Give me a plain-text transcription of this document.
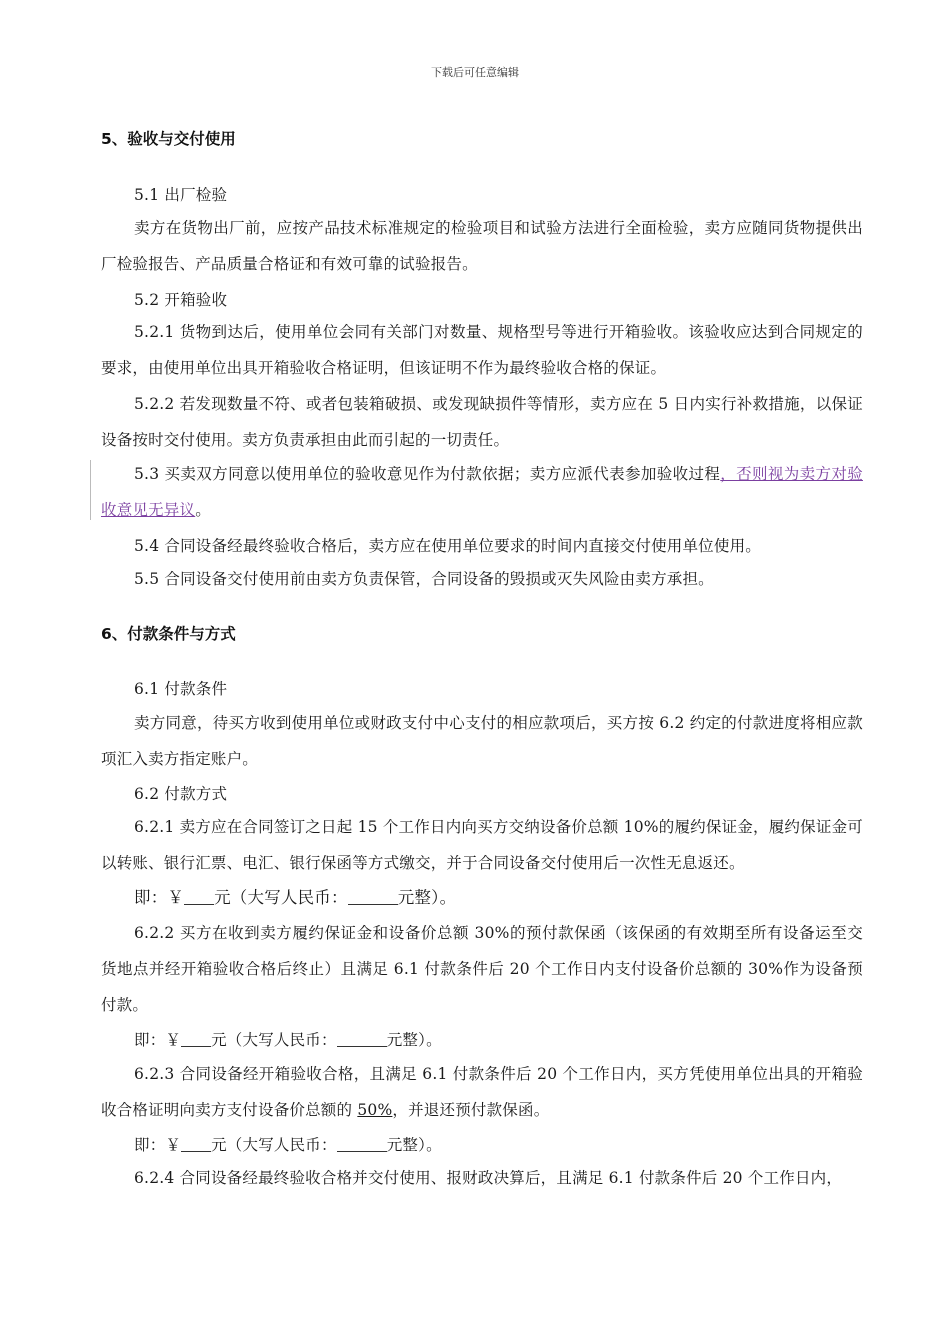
下载后可任意编辑
5、验收与交付使用
5.1 出厂检验
卖方在货物出厂前，应按产品技术标准规定的检验项目和试验方法进行全面检验，卖方应随同货物提供出厂检验报告、产品质量合格证和有效可靠的试验报告。
5.2 开箱验收
5.2.1 货物到达后，使用单位会同有关部门对数量、规格型号等进行开箱验收。该验收应达到合同规定的要求，由使用单位出具开箱验收合格证明，但该证明不作为最终验收合格的保证。
5.2.2 若发现数量不符、或者包装箱破损、或发现缺损件等情形，卖方应在 5 日内实行补救措施，以保证设备按时交付使用。卖方负责承担由此而引起的一切责任。
5.3 买卖双方同意以使用单位的验收意见作为付款依据；卖方应派代表参加验收过程，否则视为卖方对验收意见无异议。
5.4 合同设备经最终验收合格后，卖方应在使用单位要求的时间内直接交付使用单位使用。
5.5 合同设备交付使用前由卖方负责保管，合同设备的毁损或灭失风险由卖方承担。
6、付款条件与方式
6.1 付款条件
卖方同意，待买方收到使用单位或财政支付中心支付的相应款项后，买方按 6.2 约定的付款进度将相应款项汇入卖方指定账户。
6.2 付款方式
6.2.1 卖方应在合同签订之日起 15 个工作日内向买方交纳设备价总额 10%的履约保证金，履约保证金可以转账、银行汇票、电汇、银行保函等方式缴交，并于合同设备交付使用后一次性无息返还。
即：￥ 元（大写人民币：	元整）。
6.2.2 买方在收到卖方履约保证金和设备价总额 30%的预付款保函（该保函的有效期至所有设备运至交货地点并经开箱验收合格后终止）且满足 6.1 付款条件后 20 个工作日内支付设备价总额的 30%作为设备预付款。
即：￥ 元（大写人民币：	元整）。
6.2.3 合同设备经开箱验收合格，且满足 6.1 付款条件后 20 个工作日内，买方凭使用单位出具的开箱验收合格证明向卖方支付设备价总额的 50%，并退还预付款保函。
即：￥ 元（大写人民币：	元整）。
6.2.4 合同设备经最终验收合格并交付使用、报财政决算后，且满足 6.1 付款条件后 20 个工作日内，
